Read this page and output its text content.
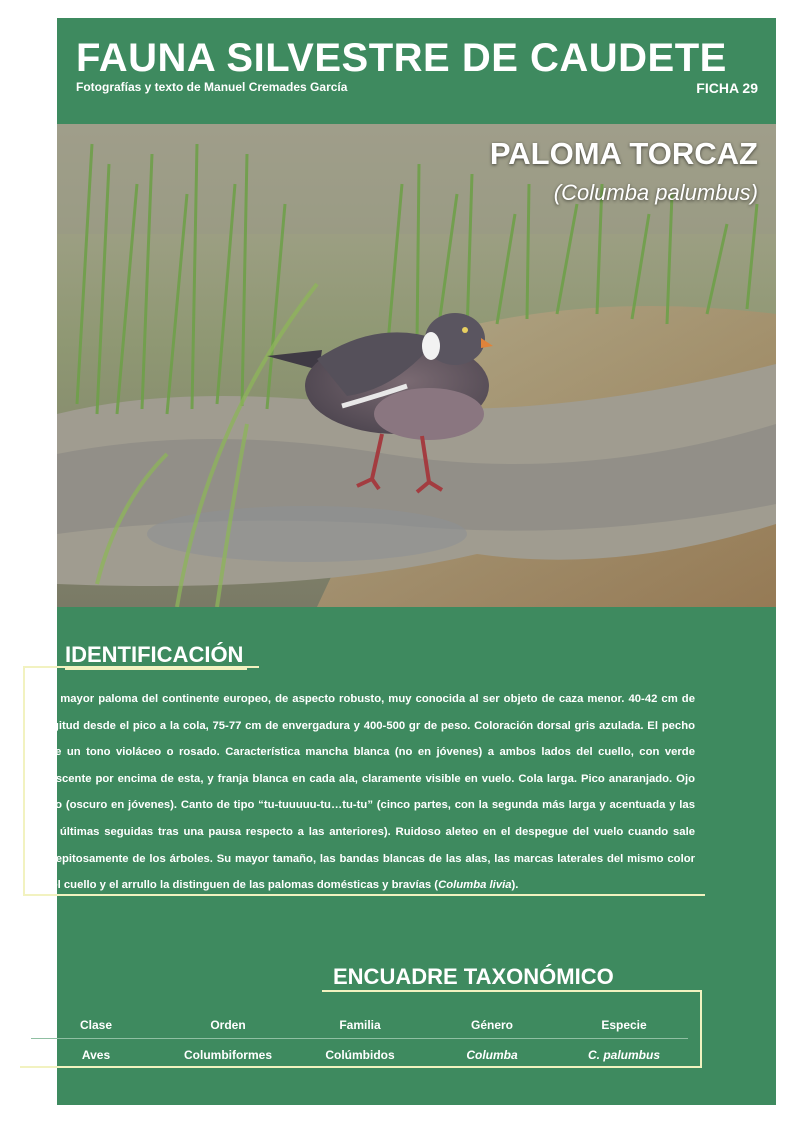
FAUNA SILVESTRE DE CAUDETE
Fotografías y texto de Manuel Cremades García	FICHA 29
PALOMA TORCAZ
(Columba palumbus)
IDENTIFICACIÓN

La mayor paloma del continente europeo, de aspecto robusto, muy conocida al ser objeto de caza menor. 40-42 cm de longitud desde el pico a la cola, 75-77 cm de envergadura y 400-500 gr de peso. Coloración dorsal gris azulada. El pecho tiene un tono violáceo o rosado. Característica mancha blanca (no en jóvenes) a ambos lados del cuello, con verde iridiscente por encima de esta, y franja blanca en cada ala, claramente visible en vuelo. Cola larga. Pico anaranjado. Ojo claro (oscuro en jóvenes). Canto de tipo “tu-tuuuuu-tu…tu-tu” (cinco partes, con la segunda más larga y acentuada y las dos últimas seguidas tras una pausa respecto a las anteriores). Ruidoso aleteo en el despegue del vuelo cuando sale estrepitosamente de los árboles. Su mayor tamaño, las bandas blancas de las alas, las marcas laterales del mismo color en el cuello y el arrullo la distinguen de las palomas domésticas y bravías (Columba livia).

ENCUADRE TAXONÓMICO
Clase	Orden	Familia	Género	Especie
Aves	Columbiformes	Colúmbidos	Columba	C. palumbus
